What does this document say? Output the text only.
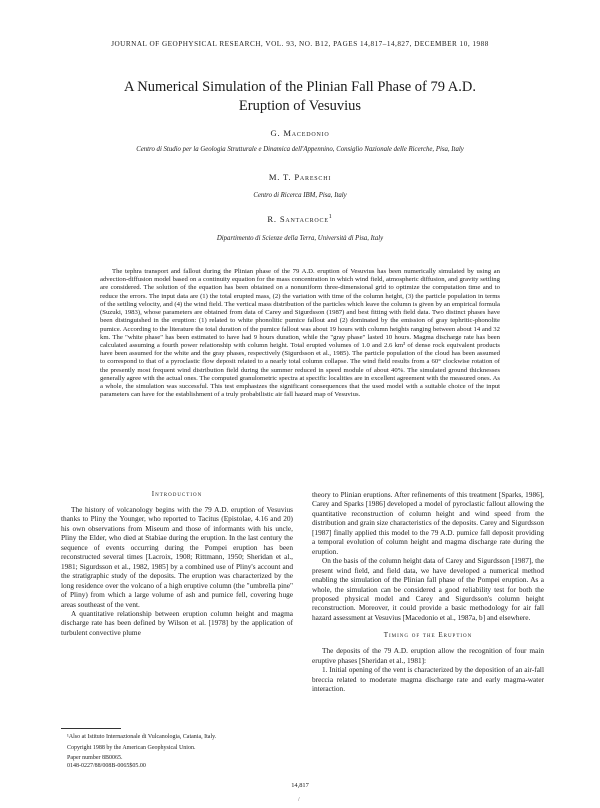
JOURNAL OF GEOPHYSICAL RESEARCH, VOL. 93, NO. B12, PAGES 14,817–14,827, DECEMBER 10, 1988
A Numerical Simulation of the Plinian Fall Phase of 79 A.D.
Eruption of Vesuvius
G. Macedonio
Centro di Studio per la Geologia Strutturale e Dinamica dell'Appennino, Consiglio Nazionale delle Ricerche, Pisa, Italy
M. T. Pareschi
Centro di Ricerca IBM, Pisa, Italy
R. Santacroce$^1$
Dipartimento di Scienze della Terra, Università di Pisa, Italy

The tephra transport and fallout during the Plinian phase of the 79 A.D. eruption of Vesuvius has been numerically simulated by using an advection-diffusion model based on a continuity equation for the mass concentration in which wind field, atmospheric diffusion, and gravity settling are considered. The solution of the equation has been obtained on a nonuniform three-dimensional grid to optimize the computation time and to reduce the errors. The input data are (1) the total erupted mass, (2) the variation with time of the column height, (3) the particle population in terms of the settling velocity, and (4) the wind field. The vertical mass distribution of the particles which leave the column is given by an empirical formula (Suzuki, 1983), whose parameters are obtained from data of Carey and Sigurdsson (1987) and best fitting with field data. Two distinct phases have been distinguished in the eruption: (1) related to white phonolitic pumice fallout and (2) dominated by the emission of gray tephritic-phonolite pumice. According to the literature the total duration of the pumice fallout was about 19 hours with column heights ranging between about 14 and 32 km. The "white phase" has been estimated to have had 9 hours duration, while the "gray phase" lasted 10 hours. Magma discharge rate has been calculated assuming a fourth power relationship with column height. Total erupted volumes of 1.0 and 2.6 km³ of dense rock equivalent products have been assumed for the white and the gray phases, respectively (Sigurdsson et al., 1985). The particle population of the cloud has been assumed to correspond to that of a pyroclastic flow deposit related to a nearly total column collapse. The wind field results from a 60° clockwise rotation of the presently most frequent wind distribution field during the summer reduced in speed module of about 40%. The simulated ground thicknesses generally agree with the actual ones. The computed granulometric spectra at specific localities are in excellent agreement with the measured ones. As a whole, the simulation was successful. This test emphasizes the significant consequences that the used model with a suitable choice of the input parameters can have for the establishment of a truly probabilistic air fall hazard map of Vesuvius.

Introduction

The history of volcanology begins with the 79 A.D. eruption of Vesuvius thanks to Pliny the Younger, who reported to Tacitus (Epistolae, 4.16 and 20) his own observations from Miseum and those of informants with his uncle, Pliny the Elder, who died at Stabiae during the eruption. In the last century the sequence of events occurring during the Pompei eruption has been reconstructed several times [Lacroix, 1908; Rittmann, 1950; Sheridan et al., 1981; Sigurdsson et al., 1982, 1985] by a combined use of Pliny's account and the stratigraphic study of the deposits. The eruption was characterized by the long residence over the volcano of a high eruptive column (the "umbrella pine" of Pliny) from which a large volume of ash and pumice fell, covering huge areas southeast of the vent.

A quantitative relationship between eruption column height and magma discharge rate has been defined by Wilson et al. [1978] by the application of turbulent convective plume

theory to Plinian eruptions. After refinements of this treatment [Sparks, 1986], Carey and Sparks [1986] developed a model of pyroclastic fallout allowing the quantitative reconstruction of column height and wind speed from the distribution and grain size characteristics of the deposits. Carey and Sigurdsson [1987] finally applied this model to the 79 A.D. pumice fall deposit providing a temporal evolution of column height and magma discharge rate during the eruption.

On the basis of the column height data of Carey and Sigurdsson [1987], the present wind field, and field data, we have developed a numerical method enabling the simulation of the Plinian fall phase of the Pompei eruption. As a whole, the simulation can be considered a good reliability test for both the proposed physical model and Carey and Sigurdsson's column height reconstruction. Moreover, it could provide a basic methodology for air fall hazard assessment at Vesuvius [Macedonio et al., 1987a, b] and elsewhere.

Timing of the Eruption

The deposits of the 79 A.D. eruption allow the recognition of four main eruptive phases [Sheridan et al., 1981]:

1. Initial opening of the vent is characterized by the deposition of an air-fall breccia related to moderate magma discharge rate and early magma-water interaction.

¹Also at Istituto Internazionale di Vulcanologia, Catania, Italy.
Copyright 1988 by the American Geophysical Union.
Paper number 8B0065.
0148-0227/88/008B-0065$05.00
14,817
/
